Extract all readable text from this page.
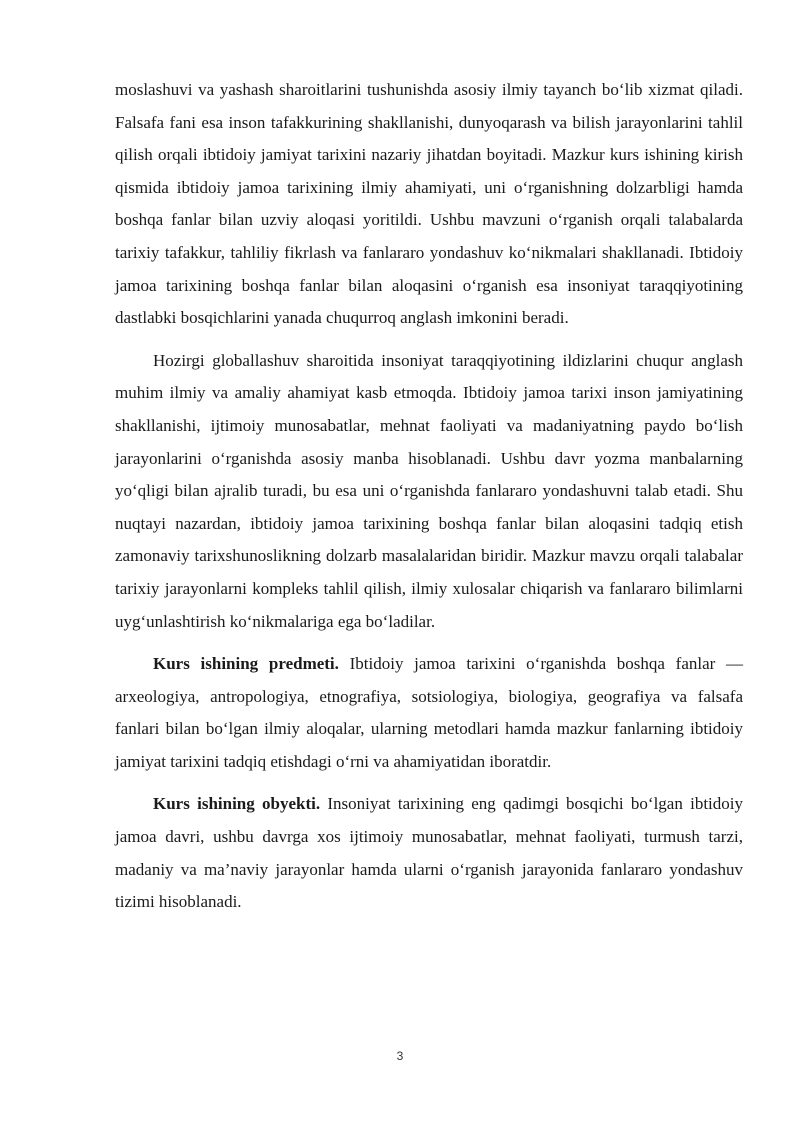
moslashuvi va yashash sharoitlarini tushunishda asosiy ilmiy tayanch bo‘lib xizmat qiladi. Falsafa fani esa inson tafakkurining shakllanishi, dunyoqarash va bilish jarayonlarini tahlil qilish orqali ibtidoiy jamiyat tarixini nazariy jihatdan boyitadi. Mazkur kurs ishining kirish qismida ibtidoiy jamoa tarixining ilmiy ahamiyati, uni o‘rganishning dolzarbligi hamda boshqa fanlar bilan uzviy aloqasi yoritildi. Ushbu mavzuni o‘rganish orqali talabalarda tarixiy tafakkur, tahliliy fikrlash va fanlararo yondashuv ko‘nikmalari shakllanadi. Ibtidoiy jamoa tarixining boshqa fanlar bilan aloqasini o‘rganish esa insoniyat taraqqiyotining dastlabki bosqichlarini yanada chuqurroq anglash imkonini beradi.

Hozirgi globallashuv sharoitida insoniyat taraqqiyotining ildizlarini chuqur anglash muhim ilmiy va amaliy ahamiyat kasb etmoqda. Ibtidoiy jamoa tarixi inson jamiyatining shakllanishi, ijtimoiy munosabatlar, mehnat faoliyati va madaniyatning paydo bo‘lish jarayonlarini o‘rganishda asosiy manba hisoblanadi. Ushbu davr yozma manbalarning yo‘qligi bilan ajralib turadi, bu esa uni o‘rganishda fanlararo yondashuvni talab etadi. Shu nuqtayi nazardan, ibtidoiy jamoa tarixining boshqa fanlar bilan aloqasini tadqiq etish zamonaviy tarixshunoslikning dolzarb masalalaridan biridir. Mazkur mavzu orqali talabalar tarixiy jarayonlarni kompleks tahlil qilish, ilmiy xulosalar chiqarish va fanlararo bilimlarni uyg‘unlashtirish ko‘nikmalariga ega bo‘ladilar.

Kurs ishining predmeti. Ibtidoiy jamoa tarixini o‘rganishda boshqa fanlar — arxeologiya, antropologiya, etnografiya, sotsiologiya, biologiya, geografiya va falsafa fanlari bilan bo‘lgan ilmiy aloqalar, ularning metodlari hamda mazkur fanlarning ibtidoiy jamiyat tarixini tadqiq etishdagi o‘rni va ahamiyatidan iboratdir.

Kurs ishining obyekti. Insoniyat tarixining eng qadimgi bosqichi bo‘lgan ibtidoiy jamoa davri, ushbu davrga xos ijtimoiy munosabatlar, mehnat faoliyati, turmush tarzi, madaniy va ma’naviy jarayonlar hamda ularni o‘rganish jarayonida fanlararo yondashuv tizimi hisoblanadi.

3
